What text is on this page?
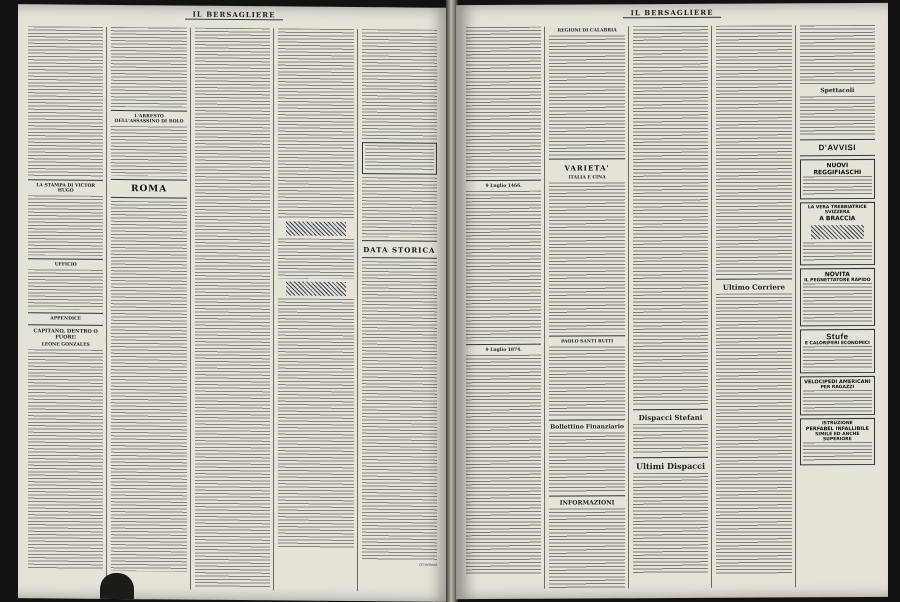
IL BERSAGLIERE
LA STAMPA DI VICTOR HUGO
UFFICIO
APPENDICE
CAPITANO, DENTRO O FUORI!
LEONE GONZALES
L'ARRESTO DELL'ASSASSINO DI BOLO
ROMA
DATA STORICA
(Continua)
IL BERSAGLIERE
9 Luglio 1466.
9 Luglio 1874.
REGIONI DI CALABRIA
VARIETA'
ITALIA E CINA
PAOLO SANTI RUITI
Bollettino Finanziario
INFORMAZIONI
Dispacci Stefani
Ultimi Dispacci
Ultimo Corriere
Spettacoli
D'AVVISI
NUOVI REGGIFIASCHI
LA VERA TREBBIATRICE SVIZZERA
A BRACCIA
NOVITA
IL PEGNETTATORE RAPIDO
Stufe
E CALORIFERI ECONOMICI
VELOCIPEDI AMERICANI
PER RAGAZZI
ISTRUZIONE
PERFABEL INFALLIBILE
SIMILE ED ANCHE SUPERIORE
